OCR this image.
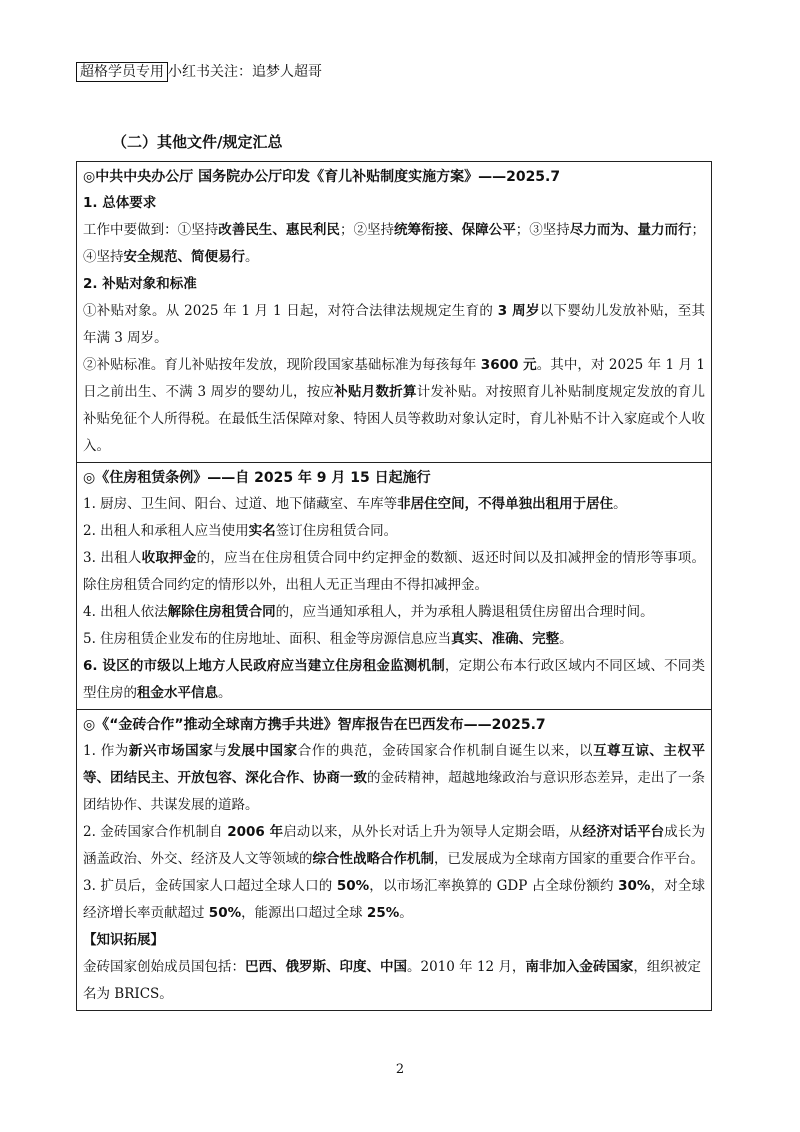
超格学员专用 小红书关注：追梦人超哥
（二）其他文件/规定汇总
◎中共中央办公厅 国务院办公厅印发《育儿补贴制度实施方案》——2025.7
1. 总体要求
工作中要做到：①坚持改善民生、惠民利民；②坚持统筹衔接、保障公平；③坚持尽力而为、量力而行；④坚持安全规范、简便易行。
2. 补贴对象和标准
①补贴对象。从 2025 年 1 月 1 日起，对符合法律法规规定生育的 3 周岁以下婴幼儿发放补贴，至其年满 3 周岁。
②补贴标准。育儿补贴按年发放，现阶段国家基础标准为每孩每年 3600 元。其中，对 2025 年 1 月 1 日之前出生、不满 3 周岁的婴幼儿，按应补贴月数折算计发补贴。对按照育儿补贴制度规定发放的育儿补贴免征个人所得税。在最低生活保障对象、特困人员等救助对象认定时，育儿补贴不计入家庭或个人收入。
◎《住房租赁条例》——自 2025 年 9 月 15 日起施行
1. 厨房、卫生间、阳台、过道、地下储藏室、车库等非居住空间，不得单独出租用于居住。
2. 出租人和承租人应当使用实名签订住房租赁合同。
3. 出租人收取押金的，应当在住房租赁合同中约定押金的数额、返还时间以及扣减押金的情形等事项。除住房租赁合同约定的情形以外，出租人无正当理由不得扣减押金。
4. 出租人依法解除住房租赁合同的，应当通知承租人，并为承租人腾退租赁住房留出合理时间。
5. 住房租赁企业发布的住房地址、面积、租金等房源信息应当真实、准确、完整。
6. 设区的市级以上地方人民政府应当建立住房租金监测机制，定期公布本行政区域内不同区域、不同类型住房的租金水平信息。
◎《“金砖合作”推动全球南方携手共进》智库报告在巴西发布——2025.7
1. 作为新兴市场国家与发展中国家合作的典范，金砖国家合作机制自诞生以来，以互尊互谅、主权平等、团结民主、开放包容、深化合作、协商一致的金砖精神，超越地缘政治与意识形态差异，走出了一条团结协作、共谋发展的道路。
2. 金砖国家合作机制自 2006 年启动以来，从外长对话上升为领导人定期会晤，从经济对话平台成长为涵盖政治、外交、经济及人文等领域的综合性战略合作机制，已发展成为全球南方国家的重要合作平台。
3. 扩员后，金砖国家人口超过全球人口的 50%，以市场汇率换算的 GDP 占全球份额约 30%，对全球经济增长率贡献超过 50%，能源出口超过全球 25%。
【知识拓展】
金砖国家创始成员国包括：巴西、俄罗斯、印度、中国。2010 年 12 月，南非加入金砖国家，组织被定名为 BRICS。
2
